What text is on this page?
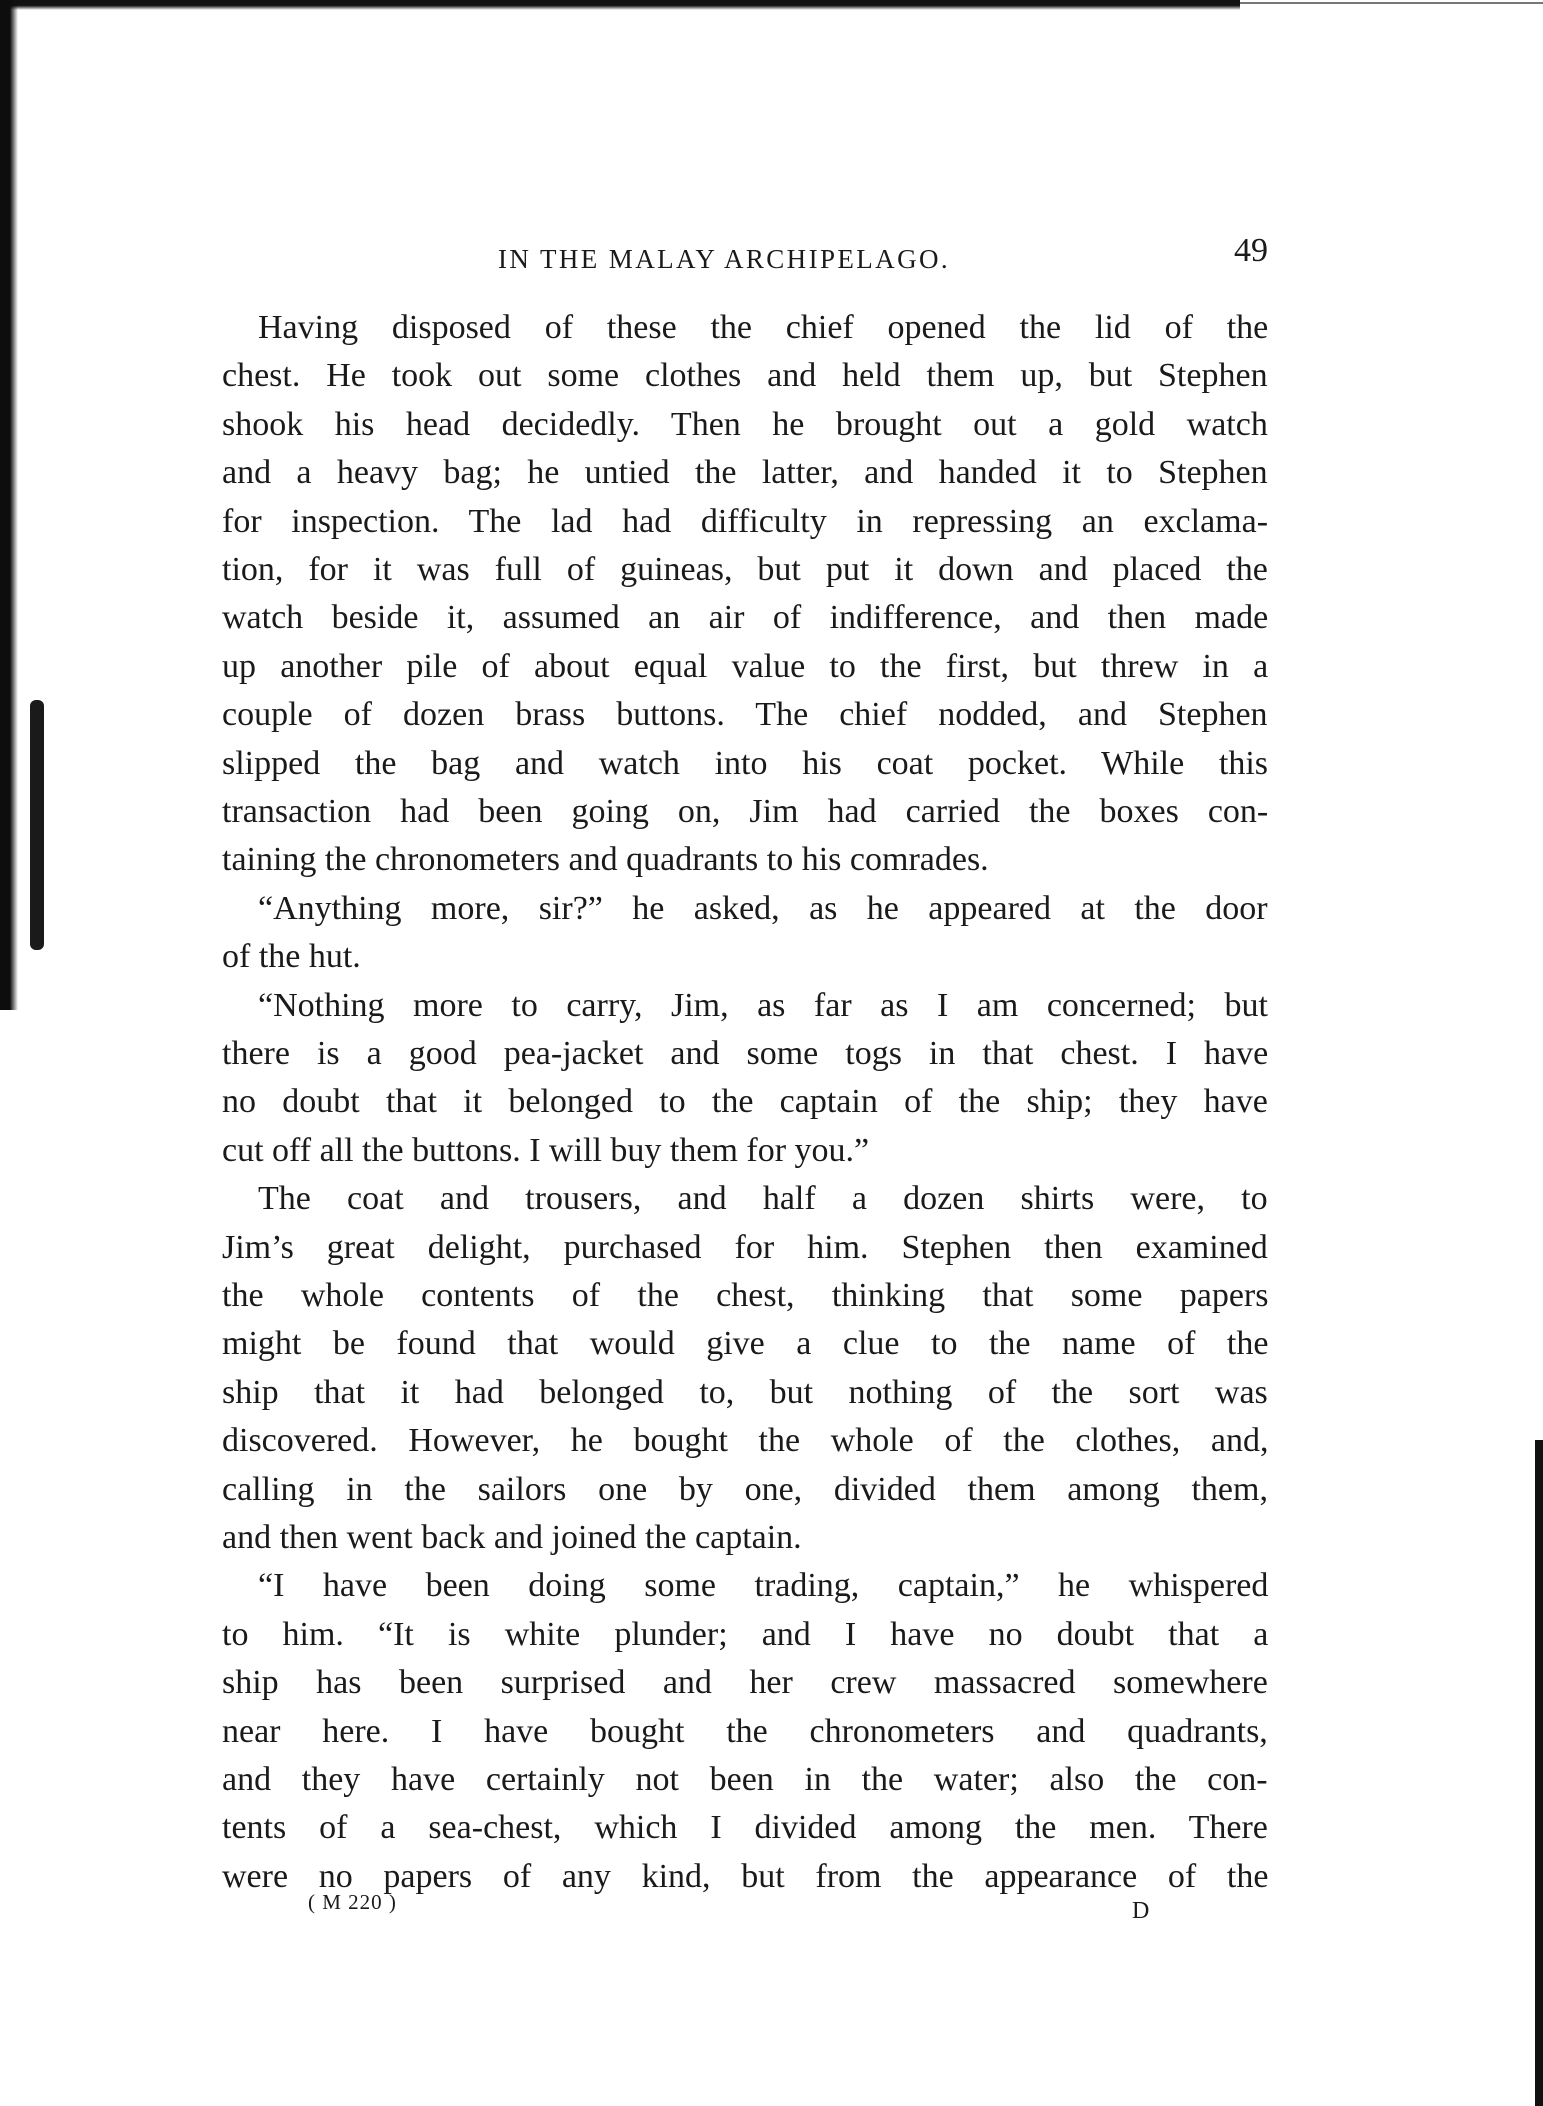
IN THE MALAY ARCHIPELAGO.	49
Having disposed of these the chief opened the lid of the
chest. He took out some clothes and held them up, but Stephen
shook his head decidedly. Then he brought out a gold watch
and a heavy bag; he untied the latter, and handed it to Stephen
for inspection. The lad had difficulty in repressing an exclama-
tion, for it was full of guineas, but put it down and placed the
watch beside it, assumed an air of indifference, and then made
up another pile of about equal value to the first, but threw in a
couple of dozen brass buttons. The chief nodded, and Stephen
slipped the bag and watch into his coat pocket. While this
transaction had been going on, Jim had carried the boxes con-
taining the chronometers and quadrants to his comrades.
“Anything more, sir?” he asked, as he appeared at the door
of the hut.
“Nothing more to carry, Jim, as far as I am concerned; but
there is a good pea-jacket and some togs in that chest. I have
no doubt that it belonged to the captain of the ship; they have
cut off all the buttons. I will buy them for you.”
The coat and trousers, and half a dozen shirts were, to
Jim’s great delight, purchased for him. Stephen then examined
the whole contents of the chest, thinking that some papers
might be found that would give a clue to the name of the
ship that it had belonged to, but nothing of the sort was
discovered. However, he bought the whole of the clothes, and,
calling in the sailors one by one, divided them among them,
and then went back and joined the captain.
“I have been doing some trading, captain,” he whispered
to him. “It is white plunder; and I have no doubt that a
ship has been surprised and her crew massacred somewhere
near here. I have bought the chronometers and quadrants,
and they have certainly not been in the water; also the con-
tents of a sea-chest, which I divided among the men. There
were no papers of any kind, but from the appearance of the
( M 220 )	D
